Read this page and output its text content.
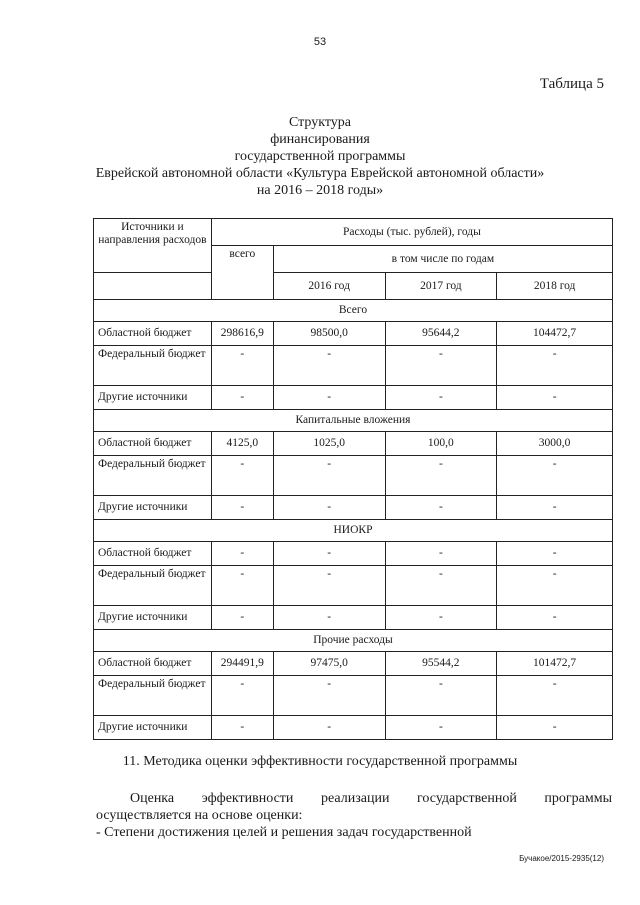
53
Таблица 5
Структура
финансирования
государственной программы
Еврейской автономной области «Культура Еврейской автономной области»
на 2016 – 2018 годы»
Источники и направления расходов	Расходы (тыс. рублей), годы			
	всего	в том числе по годам		
		2016 год	2017 год	2018 год
Всего				
Областной бюджет	298616,9	98500,0	95644,2	104472,7
Федеральный бюджет	-	-	-	-
Другие источники	-	-	-	-
Капитальные вложения				
Областной бюджет	4125,0	1025,0	100,0	3000,0
Федеральный бюджет	-	-	-	-
Другие источники	-	-	-	-
НИОКР				
Областной бюджет	-	-	-	-
Федеральный бюджет	-	-	-	-
Другие источники	-	-	-	-
Прочие расходы				
Областной бюджет	294491,9	97475,0	95544,2	101472,7
Федеральный бюджет	-	-	-	-
Другие источники	-	-	-	-
11. Методика оценки эффективности государственной программы
Оценка эффективности реализации государственной программы осуществляется на основе оценки:
- Степени достижения целей и решения задач государственной
Бучакое/2015-2935(12)
